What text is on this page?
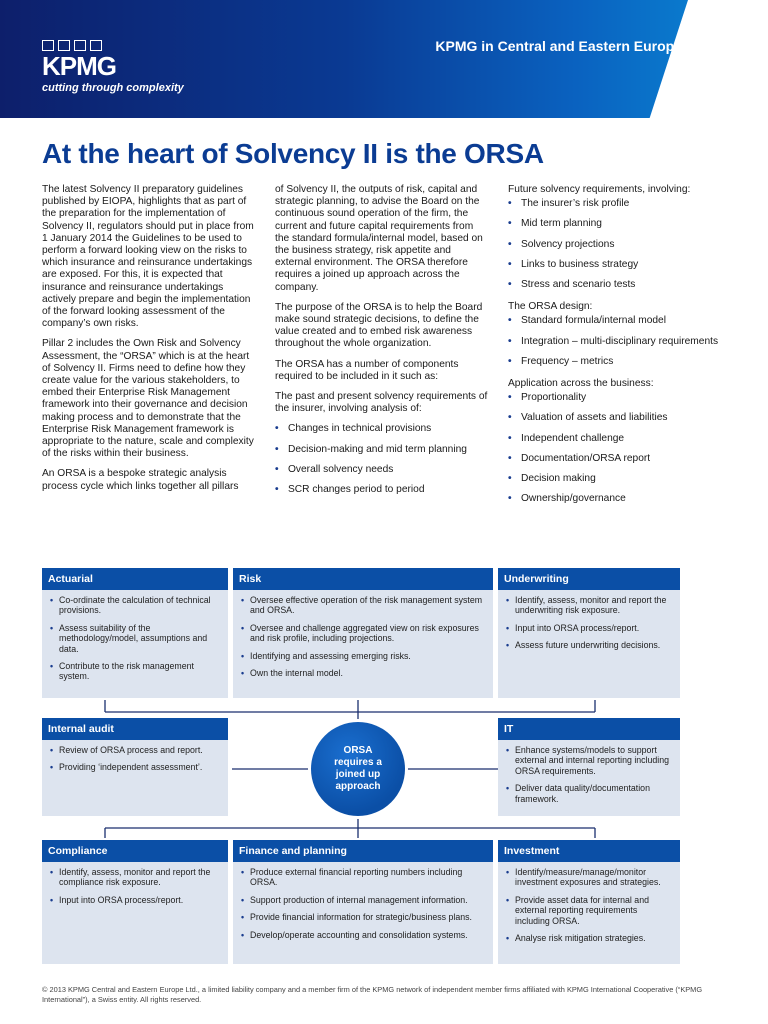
KPMG
cutting through complexity
KPMG in Central and Eastern Europe
At the heart of Solvency II is the ORSA

The latest Solvency II preparatory guidelines published by EIOPA, highlights that as part of the preparation for the implementation of Solvency II, regulators should put in place from 1 January 2014 the Guidelines to be used to perform a forward looking view on the risks to which insurance and reinsurance undertakings are exposed. For this, it is expected that insurance and reinsurance undertakings actively prepare and begin the implementation of the forward looking assessment of the company’s own risks.

Pillar 2 includes the Own Risk and Solvency Assessment, the “ORSA” which is at the heart of Solvency II. Firms need to define how they create value for the various stakeholders, to embed their Enterprise Risk Management framework into their governance and decision making process and to demonstrate that the Enterprise Risk Management framework is appropriate to the nature, scale and complexity of the risks within their business.

An ORSA is a bespoke strategic analysis process cycle which links together all pillars

of Solvency II, the outputs of risk, capital and strategic planning, to advise the Board on the continuous sound operation of the firm, the current and future capital requirements from the standard formula/internal model, based on the business strategy, risk appetite and external environment. The ORSA therefore requires a joined up approach across the company.

The purpose of the ORSA is to help the Board make sound strategic decisions, to define the value created and to embed risk awareness throughout the whole organization.

The ORSA has a number of components required to be included in it such as:

The past and present solvency requirements of the insurer, involving analysis of:

• Changes in technical provisions
• Decision-making and mid term planning
• Overall solvency needs
• SCR changes period to period
Future solvency requirements, involving:
• The insurer’s risk profile
• Mid term planning
• Solvency projections
• Links to business strategy
• Stress and scenario tests
The ORSA design:
• Standard formula/internal model
• Integration – multi-disciplinary requirements
• Frequency – metrics
Application across the business:
• Proportionality
• Valuation of assets and liabilities
• Independent challenge
• Documentation/ORSA report
• Decision making
• Ownership/governance
Actuarial
• Co-ordinate the calculation of technical provisions.
• Assess suitability of the methodology/model, assumptions and data.
• Contribute to the risk management system.
Risk
• Oversee effective operation of the risk management system and ORSA.
• Oversee and challenge aggregated view on risk exposures and risk profile, including projections.
• Identifying and assessing emerging risks.
• Own the internal model.
Underwriting
• Identify, assess, monitor and report the underwriting risk exposure.
• Input into ORSA process/report.
• Assess future underwriting decisions.
Internal audit
• Review of ORSA process and report.
• Providing ‘independent assessment’.
IT
• Enhance systems/models to support external and internal reporting including ORSA requirements.
• Deliver data quality/documentation framework.
ORSA requires a joined up approach
Compliance
• Identify, assess, monitor and report the compliance risk exposure.
• Input into ORSA process/report.
Finance and planning
• Produce external financial reporting numbers including ORSA.
• Support production of internal management information.
• Provide financial information for strategic/business plans.
• Develop/operate accounting and consolidation systems.
Investment
• Identify/measure/manage/monitor investment exposures and strategies.
• Provide asset data for internal and external reporting requirements including ORSA.
• Analyse risk mitigation strategies.
© 2013 KPMG Central and Eastern Europe Ltd., a limited liability company and a member firm of the KPMG network of independent member firms affiliated with KPMG International Cooperative (“KPMG International”), a Swiss entity. All rights reserved.
